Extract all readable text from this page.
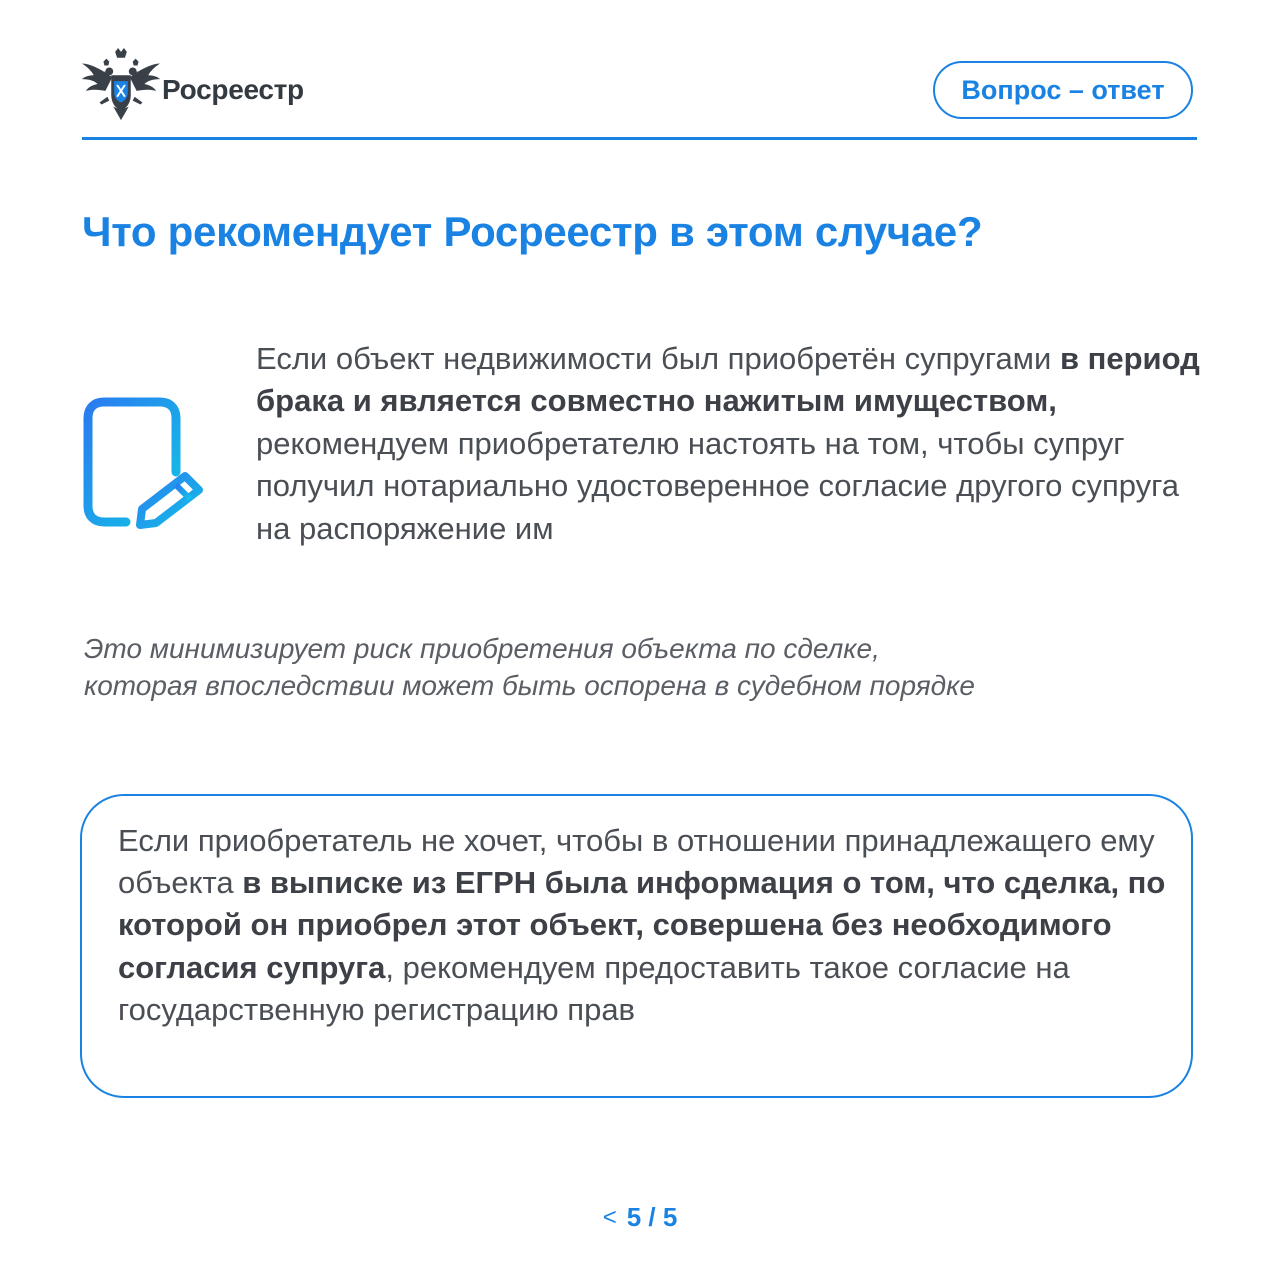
Росреестр	Вопрос – ответ
Что рекомендует Росреестр в этом случае?

Если объект недвижимости был приобретён супругами в период брака и является совместно нажитым имуществом, рекомендуем приобретателю настоять на том, чтобы супруг получил нотариально удостоверенное согласие другого супруга на распоряжение им

Это минимизирует риск приобретения объекта по сделке,
которая впоследствии может быть оспорена в судебном порядке

Если приобретатель не хочет, чтобы в отношении принадлежащего ему объекта в выписке из ЕГРН была информация о том, что сделка, по которой он приобрел этот объект, совершена без необходимого согласия супруга, рекомендуем предоставить такое согласие на государственную регистрацию прав

< 5 / 5
